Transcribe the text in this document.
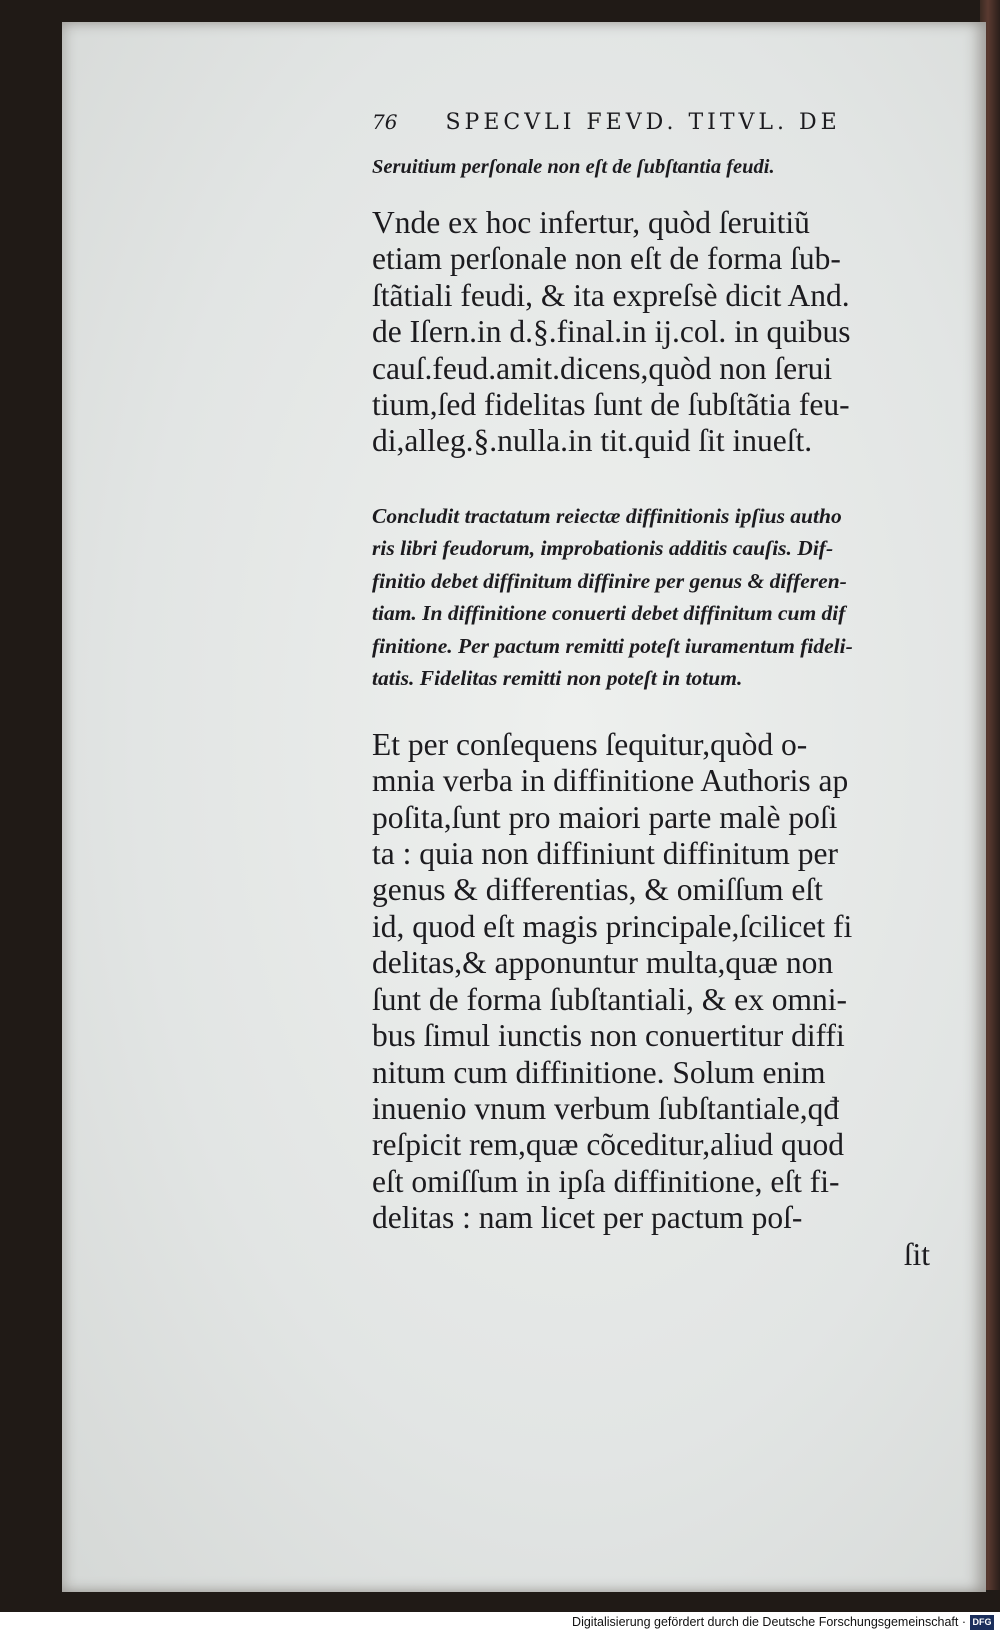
76 SPECVLI FEVD. TITVL. DE
Seruitium perſonale non eſt de ſubſtantia feudi.

Vnde ex hoc infertur, quòd ſeruitiũ
etiam perſonale non eſt de forma ſub-
ſtãtiali feudi, & ita expreſsè dicit And.
de Iſern.in d.§.final.in ij.col. in quibus
cauſ.feud.amit.dicens,quòd non ſerui
tium,ſed fidelitas ſunt de ſubſtãtia feu-
di,alleg.§.nulla.in tit.quid ſit inueſt.

Concludit tractatum reiectæ diffinitionis ipſius autho
ris libri feudorum, improbationis additis cauſis. Dif-
finitio debet diffinitum diffinire per genus & differen-
tiam. In diffinitione conuerti debet diffinitum cum dif
finitione. Per pactum remitti poteſt iuramentum fideli-
tatis. Fidelitas remitti non poteſt in totum.

Et per conſequens ſequitur,quòd o-
mnia verba in diffinitione Authoris ap
poſita,ſunt pro maiori parte malè poſi
ta : quia non diffiniunt diffinitum per
genus & differentias, & omiſſum eſt
id, quod eſt magis principale,ſcilicet fi
delitas,& apponuntur multa,quæ non
ſunt de forma ſubſtantiali, & ex omni-
bus ſimul iunctis non conuertitur diffi
nitum cum diffinitione. Solum enim
inuenio vnum verbum ſubſtantiale,qđ
reſpicit rem,quæ cõceditur,aliud quod
eſt omiſſum in ipſa diffinitione, eſt fi-
delitas : nam licet per pactum poſ-
ſit

Digitalisierung gefördert durch die Deutsche Forschungsgemeinschaft · DFG
